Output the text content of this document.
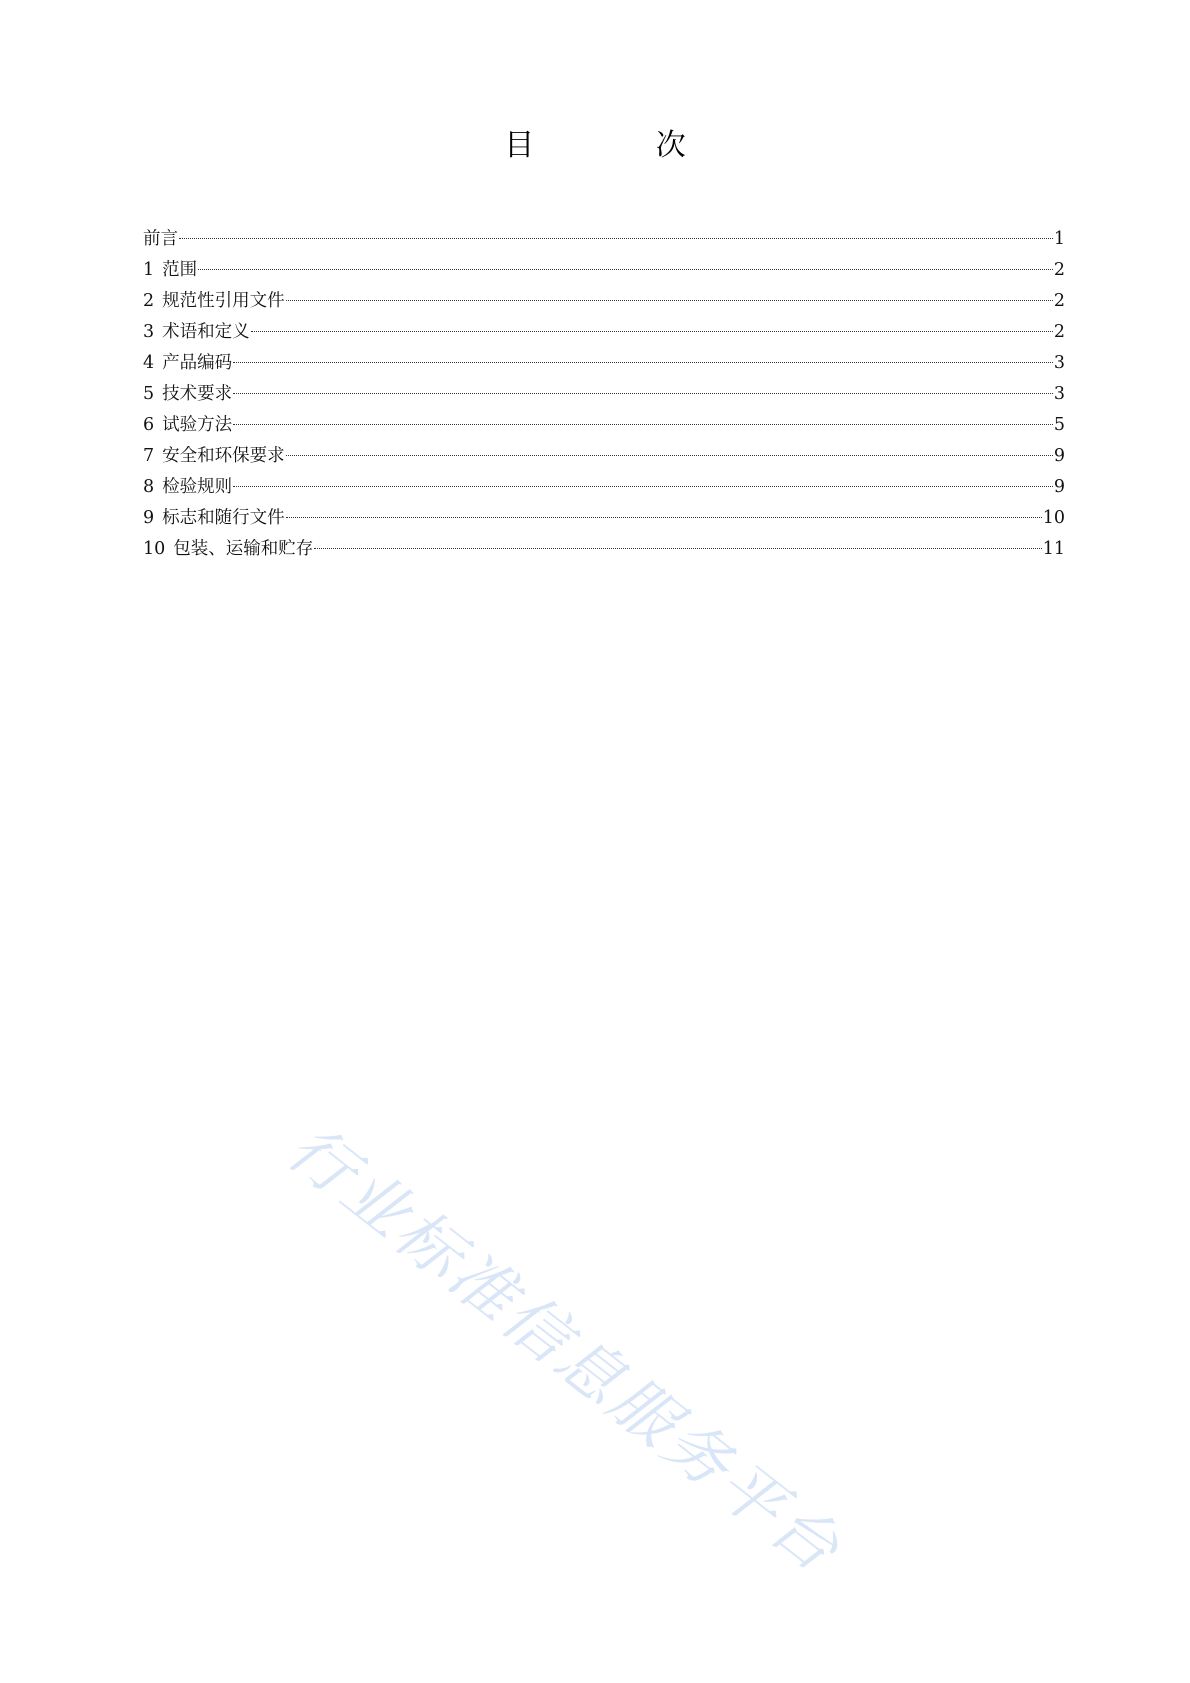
目 次
前言	1
1 范围	2
2 规范性引用文件	2
3 术语和定义	2
4 产品编码	3
5 技术要求	3
6 试验方法	5
7 安全和环保要求	9
8 检验规则	9
9 标志和随行文件	10
10 包装、运输和贮存	11
行业标准信息服务平台
